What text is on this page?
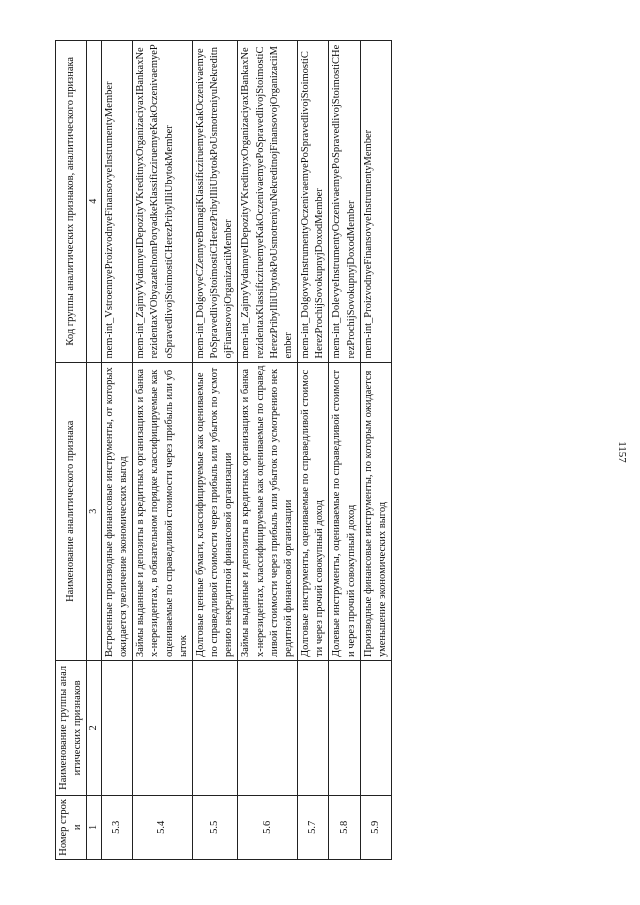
1157
Номер строки	Наименование группы аналитических признаков	Наименование аналитического признака	Код группы аналитических признаков, аналитического признака
1	2	3	4
5.3		Встроенные производные финансовые инструменты, от которых ожидается увеличение экономических выгод	mem-int_VstroennyeProizvodnyeFinansovyeInstrumentyMember
5.4		Займы выданные и депозиты в кредитных организациях и банках-нерезидентах, в обязательном порядке классифицируемые как оцениваемые по справедливой стоимости через прибыль или убыток	mem-int_ZajmyVydannyeIDepozityVKreditnyxOrganizaciyaxIBankaxNerezidentaxVObyazatelnomPoryadkeKlassificziruemyeKakOczenivaemyePoSpravedlivojStoimostiCHerezPribylIliUbytokMember
5.5		Долговые ценные бумаги, классифицируемые как оцениваемые по справедливой стоимости через прибыль или убыток по усмотрению некредитной финансовой организации	mem-int_DolgovyeCZennyeBumagiKlassificziruemyeKakOczenivaemyePoSpravedlivojStoimostiCHerezPribylIliUbytokPoUsmotreniyuNekreditnojFinansovojOrganizaciiMember
5.6		Займы выданные и депозиты в кредитных организациях и банках-нерезидентах, классифицируемые как оцениваемые по справедливой стоимости через прибыль или убыток по усмотрению некредитной финансовой организации	mem-int_ZajmyVydannyeIDepozityVKreditnyxOrganizaciyaxIBankaxNerezidentaxKlassificziruemyeKakOczenivaemyePoSpravedlivojStoimostiCHerezPribylIliUbytokPoUsmotreniyuNekreditnojFinansovojOrganizaciiMember
5.7		Долговые инструменты, оцениваемые по справедливой стоимости через прочий совокупный доход	mem-int_DolgovyeInstrumentyOczenivaemyePoSpravedlivojStoimostiCHerezProchijSovokupnyjDoxodMember
5.8		Долевые инструменты, оцениваемые по справедливой стоимости через прочий совокупный доход	mem-int_DolevyeInstrumentyOczenivaemyePoSpravedlivojStoimostiCHerezProchijSovokupnyjDoxodMember
5.9		Производные финансовые инструменты, по которым ожидается уменьшение экономических выгод	mem-int_ProizvodnyeFinansovyeInstrumentyMember
